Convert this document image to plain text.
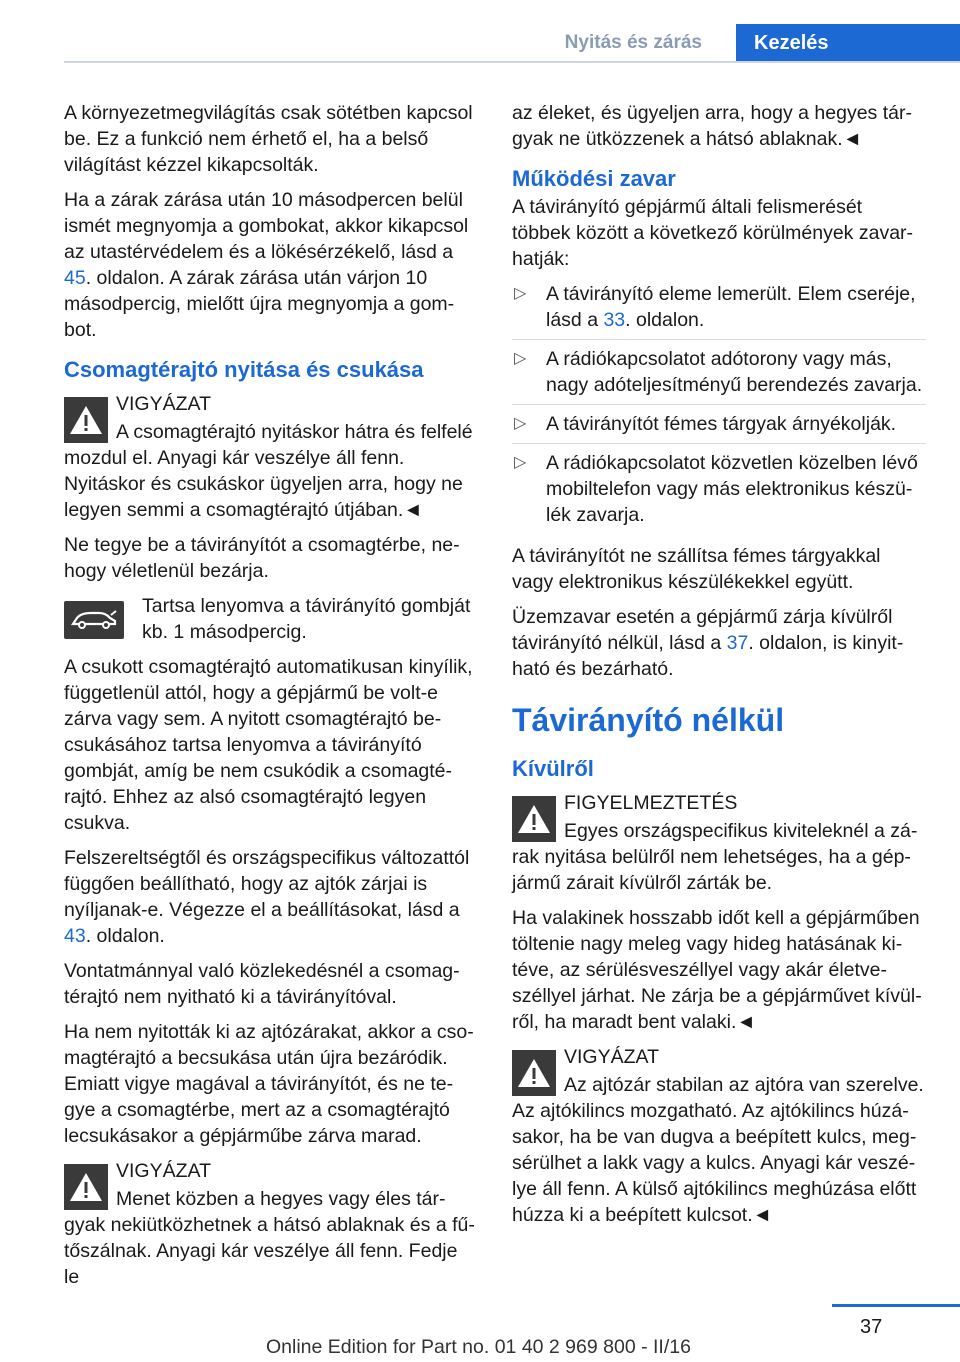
Nyitás és zárás	Kezelés

A környezetmegvilágítás csak sötétben kapcsol be. Ez a funkció nem érhető el, ha a belső világítást kézzel kikapcsolták.

Ha a zárak zárása után 10 másodpercen belül ismét megnyomja a gombokat, akkor kikapcsol az utastérvédelem és a lökésérzékelő, lásd a 45. oldalon. A zárak zárása után várjon 10 másodpercig, mielőtt újra megnyomja a gombot.

Csomagtérajtó nyitása és csukása
VIGYÁZAT
A csomagtérajtó nyitáskor hátra és felfelé mozdul el. Anyagi kár veszélye áll fenn. Nyitáskor és csukáskor ügyeljen arra, hogy ne legyen semmi a csomagtérajtó útjában.◄

Ne tegye be a távirányítót a csomagtérbe, nehogy véletlenül bezárja.

Tartsa lenyomva a távirányító gombját kb. 1 másodpercig.

A csukott csomagtérajtó automatikusan kinyílik, függetlenül attól, hogy a gépjármű be volt-e zárva vagy sem. A nyitott csomagtérajtó becsukásához tartsa lenyomva a távirányító gombját, amíg be nem csukódik a csomagtérajtó. Ehhez az alsó csomagtérajtó legyen csukva.

Felszereltségtől és országspecifikus változattól függően beállítható, hogy az ajtók zárjai is nyíljanak-e. Végezze el a beállításokat, lásd a 43. oldalon.

Vontatmánnyal való közlekedésnél a csomagtérajtó nem nyitható ki a távirányítóval.

Ha nem nyitották ki az ajtózárakat, akkor a csomagtérajtó a becsukása után újra bezáródik. Emiatt vigye magával a távirányítót, és ne tegye a csomagtérbe, mert az a csomagtérajtó lecsukásakor a gépjárműbe zárva marad.

VIGYÁZAT
Menet közben a hegyes vagy éles tárgyak nekiütközhetnek a hátsó ablaknak és a fűtőszálnak. Anyagi kár veszélye áll fenn. Fedje le

az éleket, és ügyeljen arra, hogy a hegyes tárgyak ne ütközzenek a hátsó ablaknak.◄

Működési zavar

A távirányító gépjármű általi felismerését többek között a következő körülmények zavarhatják:

▷ A távirányító eleme lemerült. Elem cseréje, lásd a 33. oldalon.
▷ A rádiókapcsolatot adótorony vagy más, nagy adóteljesítményű berendezés zavarja.
▷ A távirányítót fémes tárgyak árnyékolják.
▷ A rádiókapcsolatot közvetlen közelben lévő mobiltelefon vagy más elektronikus készülék zavarja.

A távirányítót ne szállítsa fémes tárgyakkal vagy elektronikus készülékekkel együtt.

Üzemzavar esetén a gépjármű zárja kívülről távirányító nélkül, lásd a 37. oldalon, is kinyitható és bezárható.

Távirányító nélkül
Kívülről
FIGYELMEZTETÉS
Egyes országspecifikus kiviteleknél a zárak nyitása belülről nem lehetséges, ha a gépjármű zárait kívülről zárták be.

Ha valakinek hosszabb időt kell a gépjárműben töltenie nagy meleg vagy hideg hatásának kitéve, az sérülésveszéllyel vagy akár életveszéllyel járhat. Ne zárja be a gépjárművet kívülről, ha maradt bent valaki.◄

VIGYÁZAT
Az ajtózár stabilan az ajtóra van szerelve. Az ajtókilincs mozgatható. Az ajtókilincs húzásakor, ha be van dugva a beépített kulcs, megsérülhet a lakk vagy a kulcs. Anyagi kár veszélye áll fenn. A külső ajtókilincs meghúzása előtt húzza ki a beépített kulcsot.◄
37
Online Edition for Part no. 01 40 2 969 800 - II/16
